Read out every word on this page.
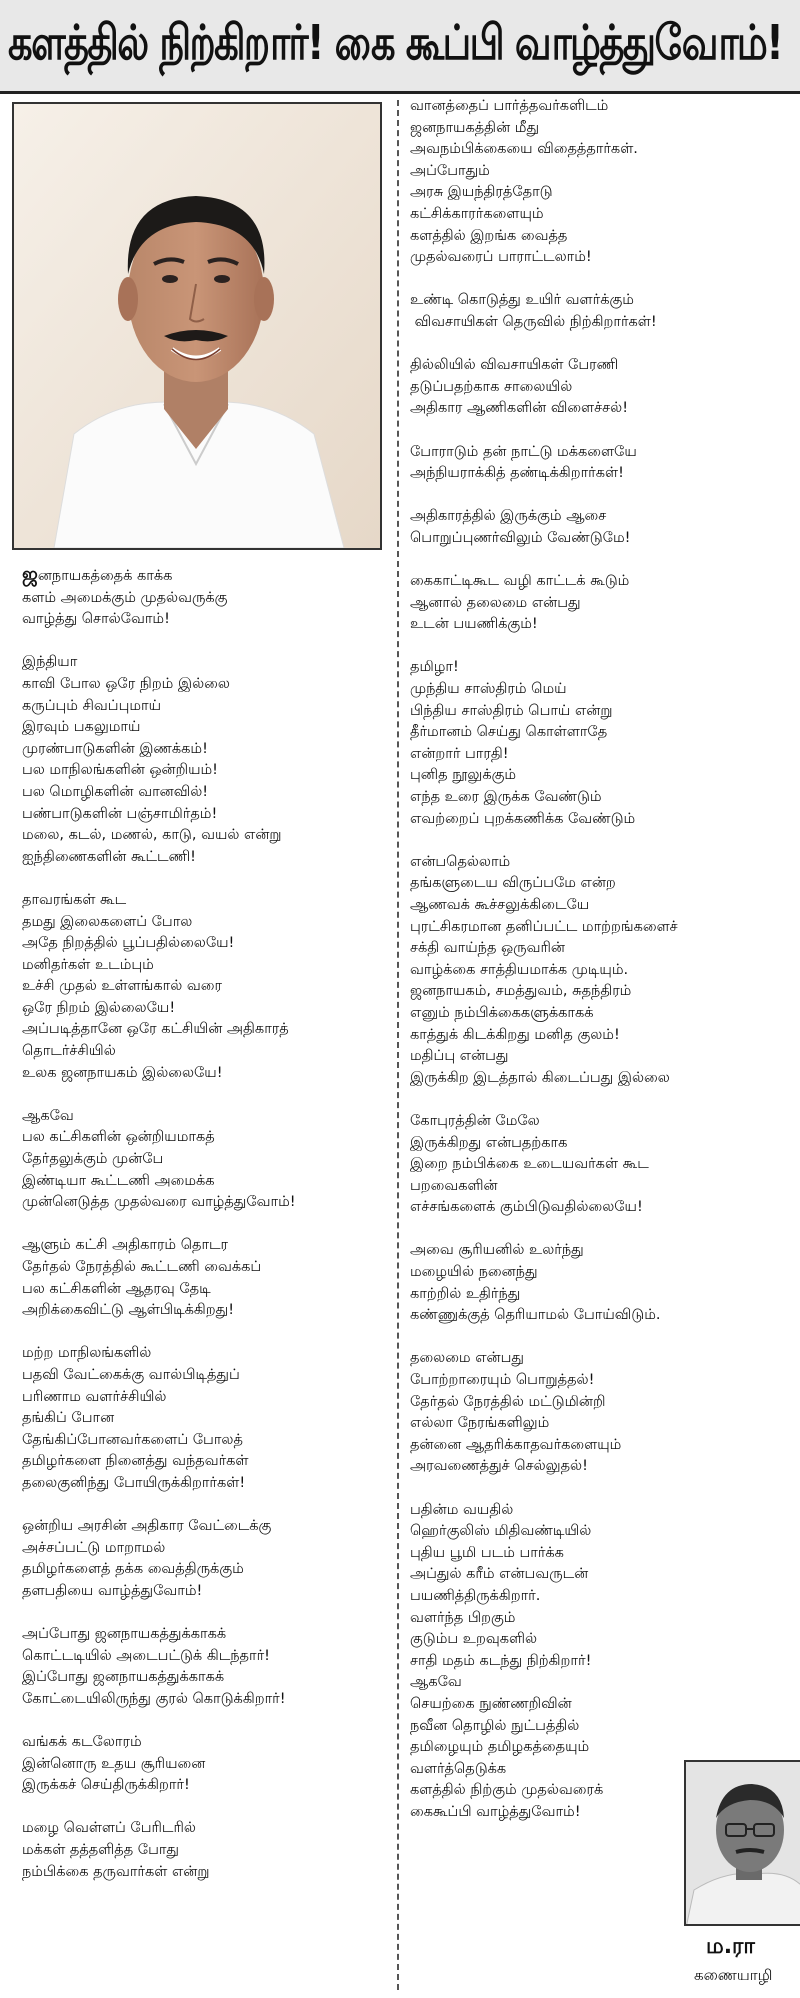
களத்தில் நிற்கிறார்! கை கூப்பி வாழ்த்துவோம்!
ஜனநாயகத்தைக் காக்க
களம் அமைக்கும் முதல்வருக்கு
வாழ்த்து சொல்வோம்!

இந்தியா
காவி போல ஒரே நிறம் இல்லை
கருப்பும் சிவப்புமாய்
இரவும் பகலுமாய்
முரண்பாடுகளின் இணக்கம்!
பல மாநிலங்களின் ஒன்றியம்!
பல மொழிகளின் வானவில்!
பண்பாடுகளின் பஞ்சாமிர்தம்!
மலை, கடல், மணல், காடு, வயல் என்று
ஐந்திணைகளின் கூட்டணி!

தாவரங்கள் கூட
தமது இலைகளைப் போல
அதே நிறத்தில் பூப்பதில்லையே!
மனிதர்கள் உடம்பும்
உச்சி முதல் உள்ளங்கால் வரை
ஒரே நிறம் இல்லையே!
அப்படித்தானே ஒரே கட்சியின் அதிகாரத்
தொடர்ச்சியில்
உலக ஜனநாயகம் இல்லையே!

ஆகவே
பல கட்சிகளின் ஒன்றியமாகத்
தேர்தலுக்கும் முன்பே
இண்டியா கூட்டணி அமைக்க
முன்னெடுத்த முதல்வரை வாழ்த்துவோம்!

ஆளும் கட்சி அதிகாரம் தொடர
தேர்தல் நேரத்தில் கூட்டணி வைக்கப்
பல கட்சிகளின் ஆதரவு தேடி
அறிக்கைவிட்டு ஆள்பிடிக்கிறது!

மற்ற மாநிலங்களில்
பதவி வேட்கைக்கு வால்பிடித்துப்
பரிணாம வளர்ச்சியில்
தங்கிப் போன
தேங்கிப்போனவர்களைப் போலத்
தமிழர்களை நினைத்து வந்தவர்கள்
தலைகுனிந்து போயிருக்கிறார்கள்!

ஒன்றிய அரசின் அதிகார வேட்டைக்கு
அச்சப்பட்டு மாறாமல்
தமிழர்களைத் தக்க வைத்திருக்கும்
தளபதியை வாழ்த்துவோம்!

அப்போது ஜனநாயகத்துக்காகக்
கொட்டடியில் அடைபட்டுக் கிடந்தார்!
இப்போது ஜனநாயகத்துக்காகக்
கோட்டையிலிருந்து குரல் கொடுக்கிறார்!

வங்கக் கடலோரம்
இன்னொரு உதய சூரியனை
இருக்கச் செய்திருக்கிறார்!

மழை வெள்ளப் பேரிடரில்
மக்கள் தத்தளித்த போது
நம்பிக்கை தருவார்கள் என்று
வானத்தைப் பார்த்தவர்களிடம்
ஜனநாயகத்தின் மீது
அவநம்பிக்கையை விதைத்தார்கள்.
அப்போதும்
அரசு இயந்திரத்தோடு
கட்சிக்காரர்களையும்
களத்தில் இறங்க வைத்த
முதல்வரைப் பாராட்டலாம்!

உண்டி கொடுத்து உயிர் வளர்க்கும்
விவசாயிகள் தெருவில் நிற்கிறார்கள்!

தில்லியில் விவசாயிகள் பேரணி
தடுப்பதற்காக சாலையில்
அதிகார ஆணிகளின் விளைச்சல்!

போராடும் தன் நாட்டு மக்களையே
அந்நியராக்கித் தண்டிக்கிறார்கள்!

அதிகாரத்தில் இருக்கும் ஆசை
பொறுப்புணர்விலும் வேண்டுமே!

கைகாட்டிகூட வழி காட்டக் கூடும்
ஆனால் தலைமை என்பது
உடன் பயணிக்கும்!

தமிழா!
முந்திய சாஸ்திரம் மெய்
பிந்திய சாஸ்திரம் பொய் என்று
தீர்மானம் செய்து கொள்ளாதே
என்றார் பாரதி!
புனித நூலுக்கும்
எந்த உரை இருக்க வேண்டும்
எவற்றைப் புறக்கணிக்க வேண்டும்

என்பதெல்லாம்
தங்களுடைய விருப்பமே என்ற
ஆணவக் கூச்சலுக்கிடையே
புரட்சிகரமான தனிப்பட்ட மாற்றங்களைச்
சக்தி வாய்ந்த ஒருவரின்
வாழ்க்கை சாத்தியமாக்க முடியும்.
ஜனநாயகம், சமத்துவம், சுதந்திரம்
எனும் நம்பிக்கைகளுக்காகக்
காத்துக் கிடக்கிறது மனித குலம்!
மதிப்பு என்பது
இருக்கிற இடத்தால் கிடைப்பது இல்லை

கோபுரத்தின் மேலே
இருக்கிறது என்பதற்காக
இறை நம்பிக்கை உடையவர்கள் கூட
பறவைகளின்
எச்சங்களைக் கும்பிடுவதில்லையே!

அவை சூரியனில் உலர்ந்து
மழையில் நனைந்து
காற்றில் உதிர்ந்து
கண்ணுக்குத் தெரியாமல் போய்விடும்.

தலைமை என்பது
போற்றாரையும் பொறுத்தல்!
தேர்தல் நேரத்தில் மட்டுமின்றி
எல்லா நேரங்களிலும்
தன்னை ஆதரிக்காதவர்களையும்
அரவணைத்துச் செல்லுதல்!

பதின்ம வயதில்
ஹெர்குலிஸ் மிதிவண்டியில்
புதிய பூமி படம் பார்க்க
அப்துல் கரீம் என்பவருடன்
பயணித்திருக்கிறார்.
வளர்ந்த பிறகும்
குடும்ப உறவுகளில்
சாதி மதம் கடந்து நிற்கிறார்!
ஆகவே
செயற்கை நுண்ணறிவின்
நவீன தொழில் நுட்பத்தில்
தமிழையும் தமிழகத்தையும்
வளர்த்தெடுக்க
களத்தில் நிற்கும் முதல்வரைக்
கைகூப்பி வாழ்த்துவோம்!
ம.ரா
கணையாழி
